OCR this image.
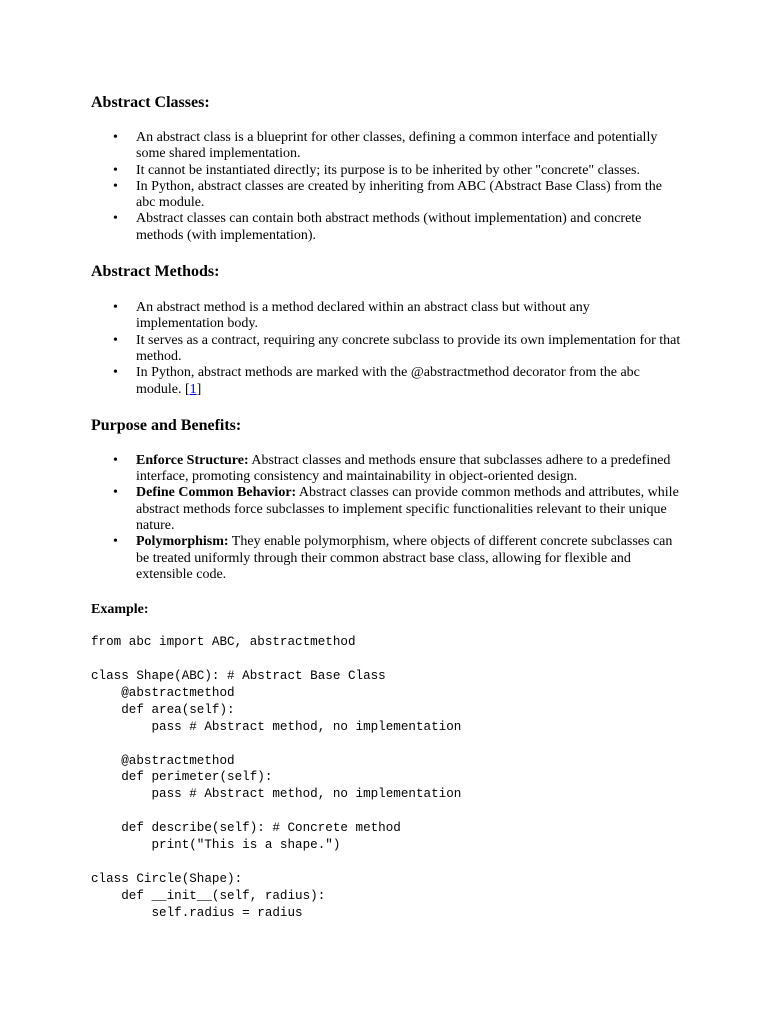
Abstract Classes:
• An abstract class is a blueprint for other classes, defining a common interface and potentially some shared implementation.
• It cannot be instantiated directly; its purpose is to be inherited by other "concrete" classes.
• In Python, abstract classes are created by inheriting from ABC (Abstract Base Class) from the abc module.
• Abstract classes can contain both abstract methods (without implementation) and concrete methods (with implementation).
Abstract Methods:
• An abstract method is a method declared within an abstract class but without any implementation body.
• It serves as a contract, requiring any concrete subclass to provide its own implementation for that method.
• In Python, abstract methods are marked with the @abstractmethod decorator from the abc module. [1]
Purpose and Benefits:
• Enforce Structure: Abstract classes and methods ensure that subclasses adhere to a predefined interface, promoting consistency and maintainability in object-oriented design.
• Define Common Behavior: Abstract classes can provide common methods and attributes, while abstract methods force subclasses to implement specific functionalities relevant to their unique nature.
• Polymorphism: They enable polymorphism, where objects of different concrete subclasses can be treated uniformly through their common abstract base class, allowing for flexible and extensible code.
Example:
from abc import ABC, abstractmethod

class Shape(ABC): # Abstract Base Class
@abstractmethod
def area(self):
pass # Abstract method, no implementation

@abstractmethod
def perimeter(self):
pass # Abstract method, no implementation

def describe(self): # Concrete method
print("This is a shape.")

class Circle(Shape):
def __init__(self, radius):
self.radius = radius
